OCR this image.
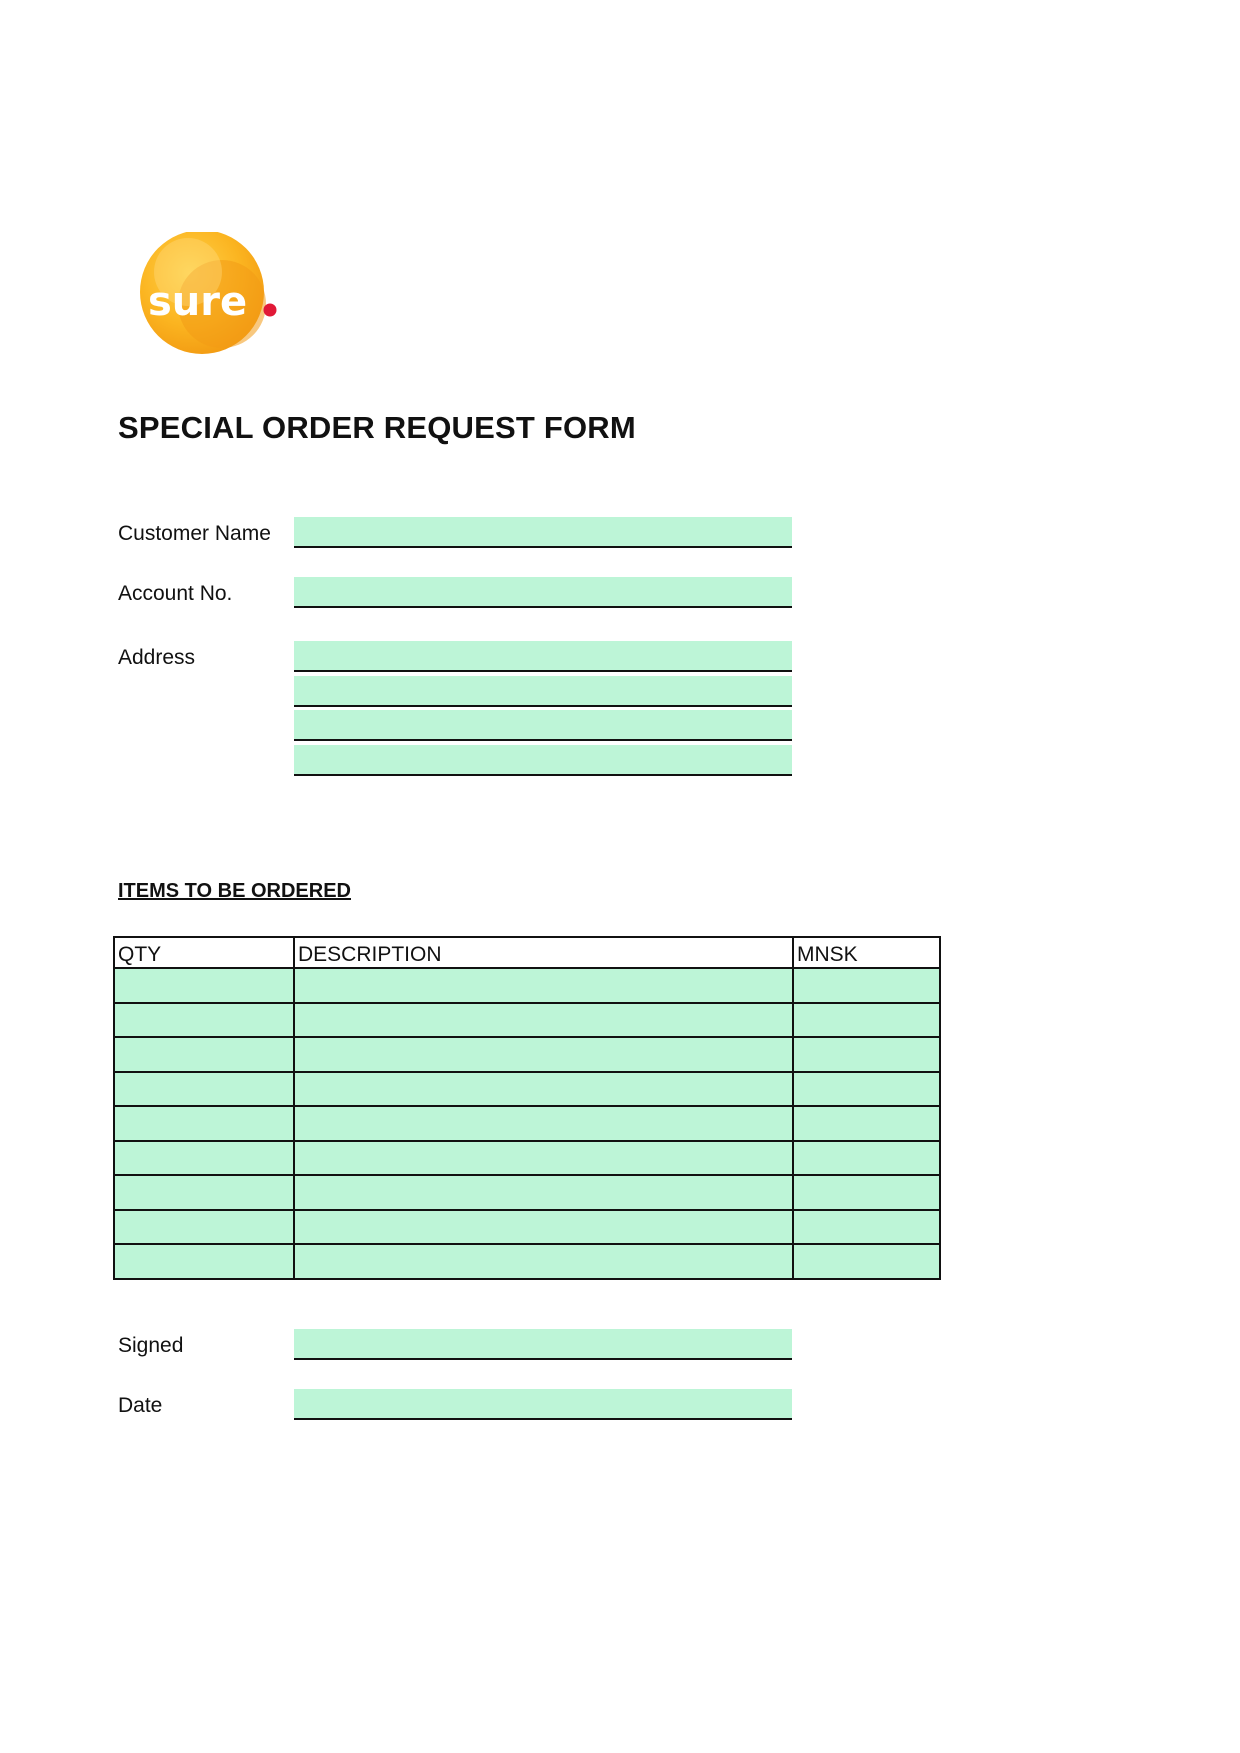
sure
SPECIAL ORDER REQUEST FORM
Customer Name
Account No.
Address
ITEMS TO BE ORDERED
QTY	DESCRIPTION	MNSK

Signed
Date
